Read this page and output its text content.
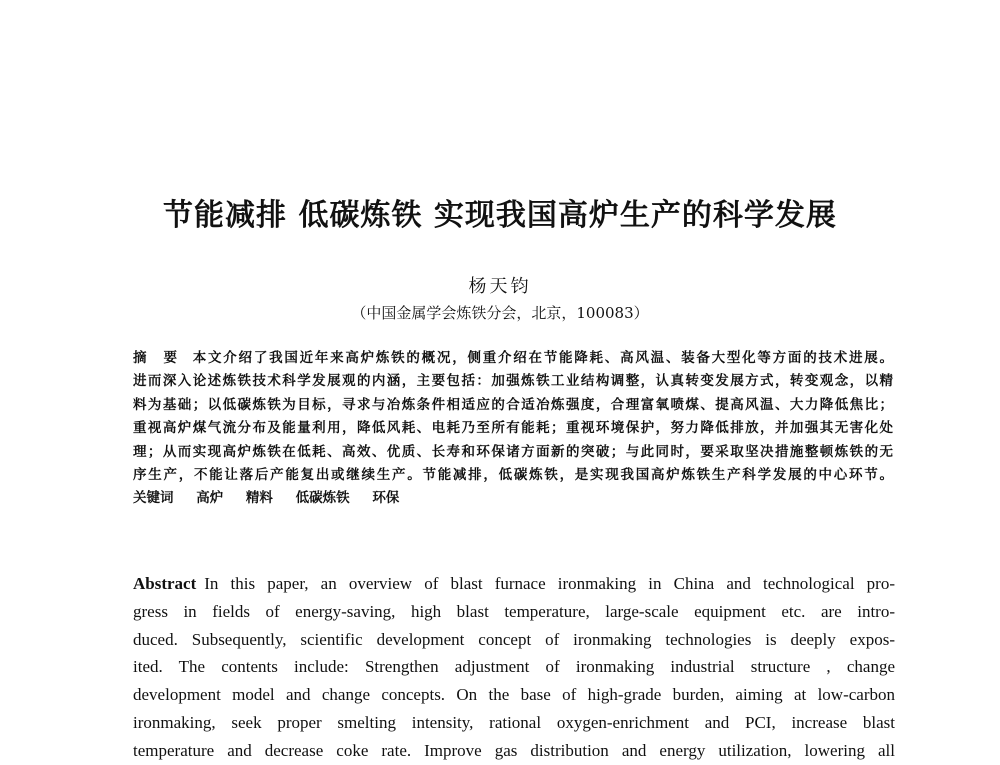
节能减排 低碳炼铁 实现我国高炉生产的科学发展
杨天钧
（中国金属学会炼铁分会，北京，100083）
摘　要 本文介绍了我国近年来高炉炼铁的概况，侧重介绍在节能降耗、高风温、装备大型化等方面的技术进展。
进而深入论述炼铁技术科学发展观的内涵，主要包括：加强炼铁工业结构调整，认真转变发展方式，转变观念，以精
料为基础；以低碳炼铁为目标，寻求与冶炼条件相适应的合适冶炼强度，合理富氧喷煤、提高风温、大力降低焦比；
重视高炉煤气流分布及能量利用，降低风耗、电耗乃至所有能耗；重视环境保护，努力降低排放，并加强其无害化处
理；从而实现高炉炼铁在低耗、高效、优质、长寿和环保诸方面新的突破；与此同时，要采取坚决措施整顿炼铁的无
序生产，不能让落后产能复出或继续生产。节能减排，低碳炼铁，是实现我国高炉炼铁生产科学发展的中心环节。
关键词 高炉 精料 低碳炼铁 环保
Abstract In this paper, an overview of blast furnace ironmaking in China and technological pro-
gress in fields of energy-saving, high blast temperature, large-scale equipment etc. are intro-
duced. Subsequently, scientific development concept of ironmaking technologies is deeply expos-
ited. The contents include: Strengthen adjustment of ironmaking industrial structure , change
development model and change concepts. On the base of high-grade burden, aiming at low-carbon
ironmaking, seek proper smelting intensity, rational oxygen-enrichment and PCI, increase blast
temperature and decrease coke rate. Improve gas distribution and energy utilization, lowering all
